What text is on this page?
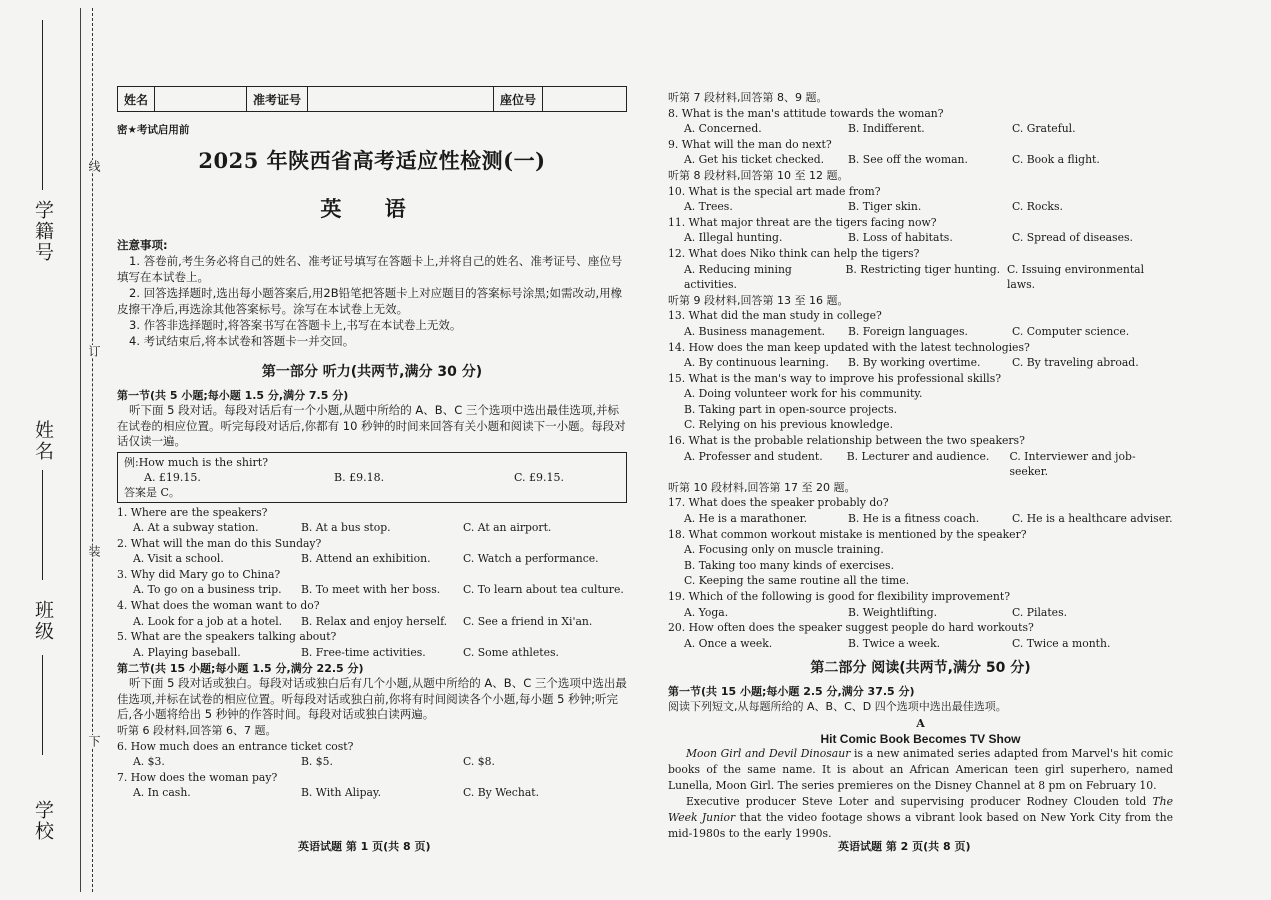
学籍号
姓名
班级
学校
线
订
装
下
姓名	准考证号	座位号
密★考试启用前
2025 年陕西省高考适应性检测(一)
英 语

注意事项:

1. 答卷前,考生务必将自己的姓名、准考证号填写在答题卡上,并将自己的姓名、准考证号、座位号填写在本试卷上。

2. 回答选择题时,选出每小题答案后,用2B铅笔把答题卡上对应题目的答案标号涂黑;如需改动,用橡皮擦干净后,再选涂其他答案标号。涂写在本试卷上无效。

3. 作答非选择题时,将答案书写在答题卡上,书写在本试卷上无效。

4. 考试结束后,将本试卷和答题卡一并交回。

第一部分 听力(共两节,满分 30 分)
第一节(共 5 小题;每小题 1.5 分,满分 7.5 分)

听下面 5 段对话。每段对话后有一个小题,从题中所给的 A、B、C 三个选项中选出最佳选项,并标在试卷的相应位置。听完每段对话后,你都有 10 秒钟的时间来回答有关小题和阅读下一小题。每段对话仅读一遍。

例:How much is the shirt?
A. £19.15.	B. £9.18.	C. £9.15.
答案是 C。
1. Where are the speakers?
A. At a subway station.	B. At a bus stop.	C. At an airport.
2. What will the man do this Sunday?
A. Visit a school.	B. Attend an exhibition.	C. Watch a performance.
3. Why did Mary go to China?
A. To go on a business trip.	B. To meet with her boss.	C. To learn about tea culture.
4. What does the woman want to do?
A. Look for a job at a hotel.	B. Relax and enjoy herself.	C. See a friend in Xi'an.
5. What are the speakers talking about?
A. Playing baseball.	B. Free-time activities.	C. Some athletes.
第二节(共 15 小题;每小题 1.5 分,满分 22.5 分)

听下面 5 段对话或独白。每段对话或独白后有几个小题,从题中所给的 A、B、C 三个选项中选出最佳选项,并标在试卷的相应位置。听每段对话或独白前,你将有时间阅读各个小题,每小题 5 秒钟;听完后,各小题将给出 5 秒钟的作答时间。每段对话或独白读两遍。

听第 6 段材料,回答第 6、7 题。
6. How much does an entrance ticket cost?
A. $3.	B. $5.	C. $8.
7. How does the woman pay?
A. In cash.	B. With Alipay.	C. By Wechat.
听第 7 段材料,回答第 8、9 题。
8. What is the man's attitude towards the woman?
A. Concerned.	B. Indifferent.	C. Grateful.
9. What will the man do next?
A. Get his ticket checked.	B. See off the woman.	C. Book a flight.
听第 8 段材料,回答第 10 至 12 题。
10. What is the special art made from?
A. Trees.	B. Tiger skin.	C. Rocks.
11. What major threat are the tigers facing now?
A. Illegal hunting.	B. Loss of habitats.	C. Spread of diseases.
12. What does Niko think can help the tigers?
A. Reducing mining activities.
B. Restricting tiger hunting. C. Issuing environmental laws.
听第 9 段材料,回答第 13 至 16 题。
13. What did the man study in college?
A. Business management.	B. Foreign languages.	C. Computer science.
14. How does the man keep updated with the latest technologies?
A. By continuous learning.	B. By working overtime.	C. By traveling abroad.
15. What is the man's way to improve his professional skills?
A. Doing volunteer work for his community.
B. Taking part in open-source projects.
C. Relying on his previous knowledge.
16. What is the probable relationship between the two speakers?
A. Professer and student.	B. Lecturer and audience.	C. Interviewer and job-seeker.
听第 10 段材料,回答第 17 至 20 题。
17. What does the speaker probably do?
A. He is a marathoner.	B. He is a fitness coach.	C. He is a healthcare adviser.
18. What common workout mistake is mentioned by the speaker?
A. Focusing only on muscle training.
B. Taking too many kinds of exercises.
C. Keeping the same routine all the time.
19. Which of the following is good for flexibility improvement?
A. Yoga.	B. Weightlifting.	C. Pilates.
20. How often does the speaker suggest people do hard workouts?
A. Once a week.	B. Twice a week.	C. Twice a month.
第二部分 阅读(共两节,满分 50 分)
第一节(共 15 小题;每小题 2.5 分,满分 37.5 分)
阅读下列短文,从每题所给的 A、B、C、D 四个选项中选出最佳选项。
A
Hit Comic Book Becomes TV Show

Moon Girl and Devil Dinosaur is a new animated series adapted from Marvel's hit comic books of the same name. It is about an African American teen girl superhero, named Lunella, Moon Girl. The series premieres on the Disney Channel at 8 pm on February 10.

Executive producer Steve Loter and supervising producer Rodney Clouden told The Week Junior that the video footage shows a vibrant look based on New York City from the mid-1980s to the early 1990s.

英语试题 第 1 页(共 8 页)	英语试题 第 2 页(共 8 页)
